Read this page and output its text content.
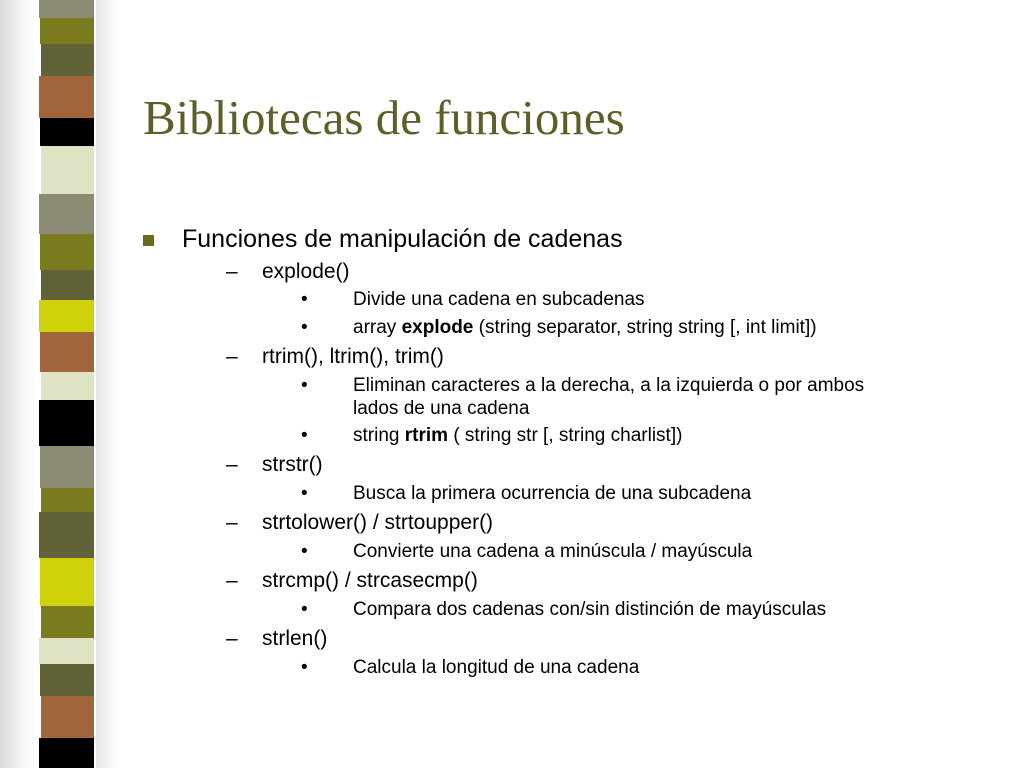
Bibliotecas de funciones
Funciones de manipulación de cadenas
– explode()
• Divide una cadena en subcadenas
• array explode (string separator, string string [, int limit])
– rtrim(), ltrim(), trim()
• Eliminan caracteres a la derecha, a la izquierda o por ambos lados de una cadena
• string rtrim ( string str [, string charlist])
– strstr()
• Busca la primera ocurrencia de una subcadena
– strtolower() / strtoupper()
• Convierte una cadena a minúscula / mayúscula
– strcmp() / strcasecmp()
• Compara dos cadenas con/sin distinción de mayúsculas
– strlen()
• Calcula la longitud de una cadena
